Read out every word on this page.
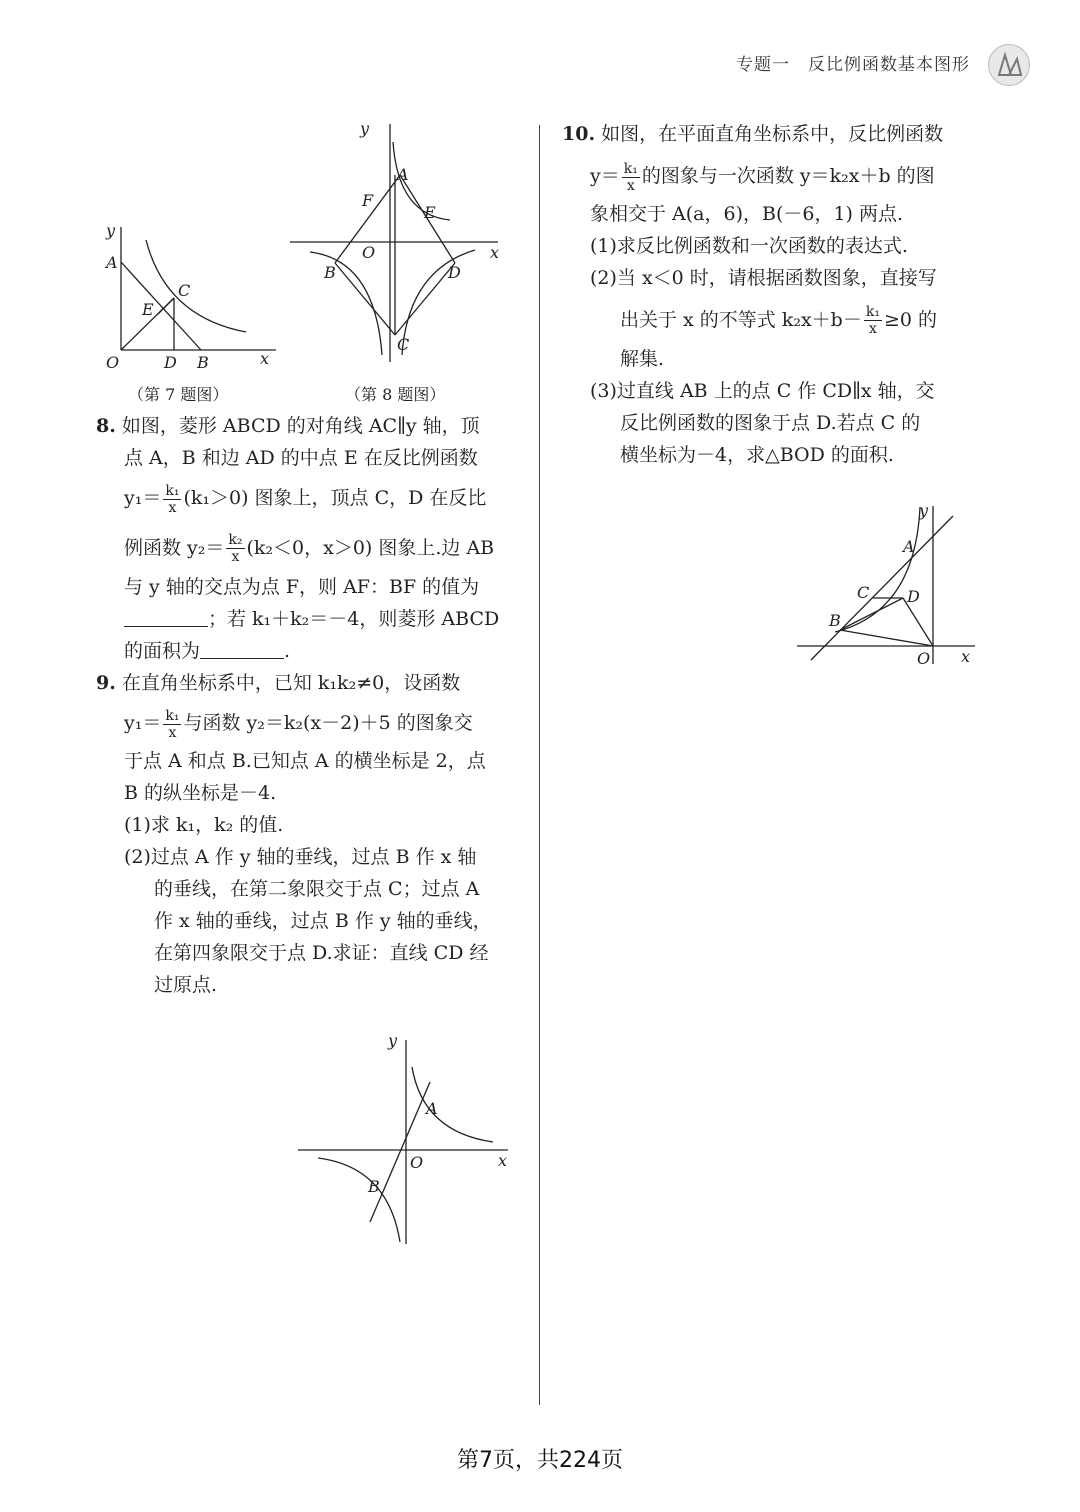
专题一　反比例函数基本图形
y
x
A
C
E
O	D B
（第 7 题图）
y
x
A
F
E
O
B	D
C
（第 8 题图）
8. 如图，菱形 ABCD 的对角线 AC∥y 轴，顶
点 A，B 和边 AD 的中点 E 在反比例函数
$y_1= \frac{\text{k₁}}{x} (k_1>0)$ 图象上，顶点 C，D 在反比
例函数 $y_2= \frac{\text{k₂}}{x} (k_2<0$，x＞0) 图象上.边 AB
与 y 轴的交点为点 F，则 AF：BF 的值为
；若 k₁＋k₂＝－4，则菱形 ABCD
的面积为	.
9. 在直角坐标系中，已知 k₁k₂≠0，设函数
$y_1= \frac{\text{k₁}}{x}$ 与函数 y₂＝k₂(x－2)＋5 的图象交
于点 A 和点 B.已知点 A 的横坐标是 2，点
B 的纵坐标是－4.
(1)求 k₁，k₂ 的值.
(2)过点 A 作 y 轴的垂线，过点 B 作 x 轴
的垂线，在第二象限交于点 C；过点 A
作 x 轴的垂线，过点 B 作 y 轴的垂线，
在第四象限交于点 D.求证：直线 CD 经
过原点.
y
x
A
O
B
10. 如图，在平面直角坐标系中，反比例函数
$y= \frac{\text{k₁}}{x}$ 的图象与一次函数 y＝k₂x＋b 的图
象相交于 A(a，6)，B(－6，1) 两点.
(1)求反比例函数和一次函数的表达式.
(2)当 x＜0 时，请根据函数图象，直接写
出关于 x 的不等式 $k_2x+b- \frac{\text{k₁}}{x} \ge 0$ 的
解集.
(3)过直线 AB 上的点 C 作 CD∥x 轴，交
反比例函数的图象于点 D.若点 C 的
横坐标为－4，求△BOD 的面积.
y
x
A
C D
B
O
第7页，共224页
